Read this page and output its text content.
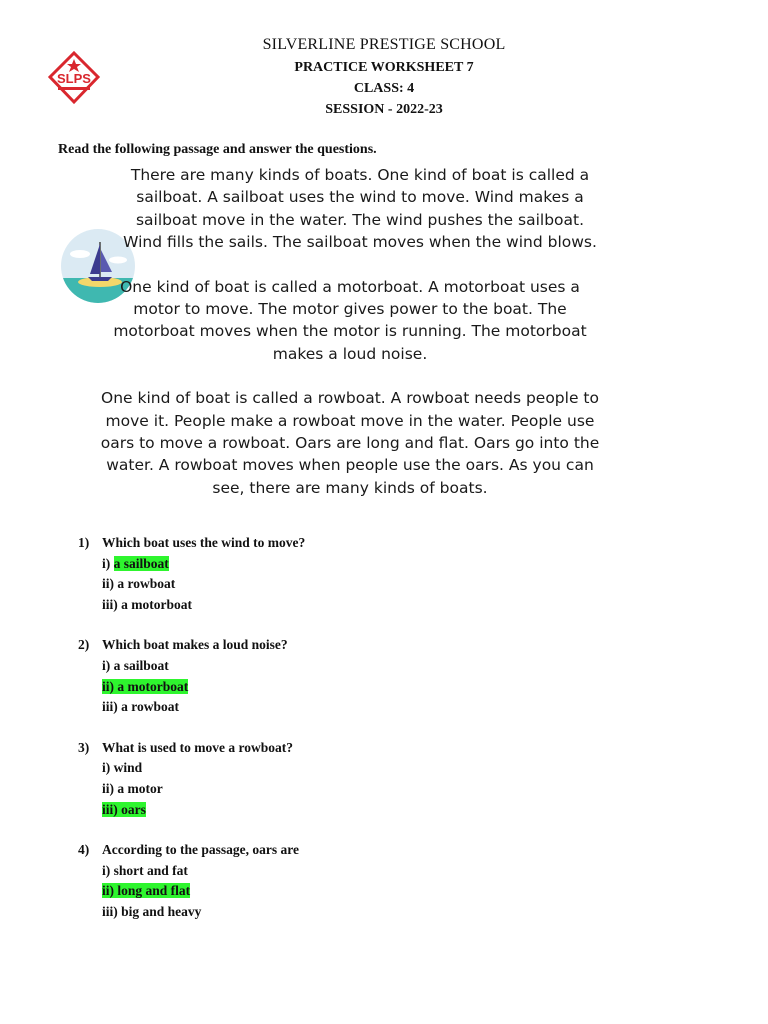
SLPS
SILVERLINE PRESTIGE SCHOOL
PRACTICE WORKSHEET 7
CLASS: 4
SESSION - 2022-23
Read the following passage and answer the questions.

There are many kinds of boats. One kind of boat is called a sailboat. A sailboat uses the wind to move. Wind makes a sailboat move in the water. The wind pushes the sailboat. Wind fills the sails. The sailboat moves when the wind blows.

One kind of boat is called a motorboat. A motorboat uses a motor to move. The motor gives power to the boat. The motorboat moves when the motor is running. The motorboat makes a loud noise.

One kind of boat is called a rowboat. A rowboat needs people to move it. People make a rowboat move in the water. People use oars to move a rowboat. Oars are long and flat. Oars go into the water. A rowboat moves when people use the oars. As you can see, there are many kinds of boats.

1) Which boat uses the wind to move?
i) a sailboat
ii) a rowboat
iii) a motorboat
2) Which boat makes a loud noise?
i) a sailboat
ii) a motorboat
iii) a rowboat
3) What is used to move a rowboat?
i) wind
ii) a motor
iii) oars
4) According to the passage, oars are
i) short and fat
ii) long and flat
iii) big and heavy
